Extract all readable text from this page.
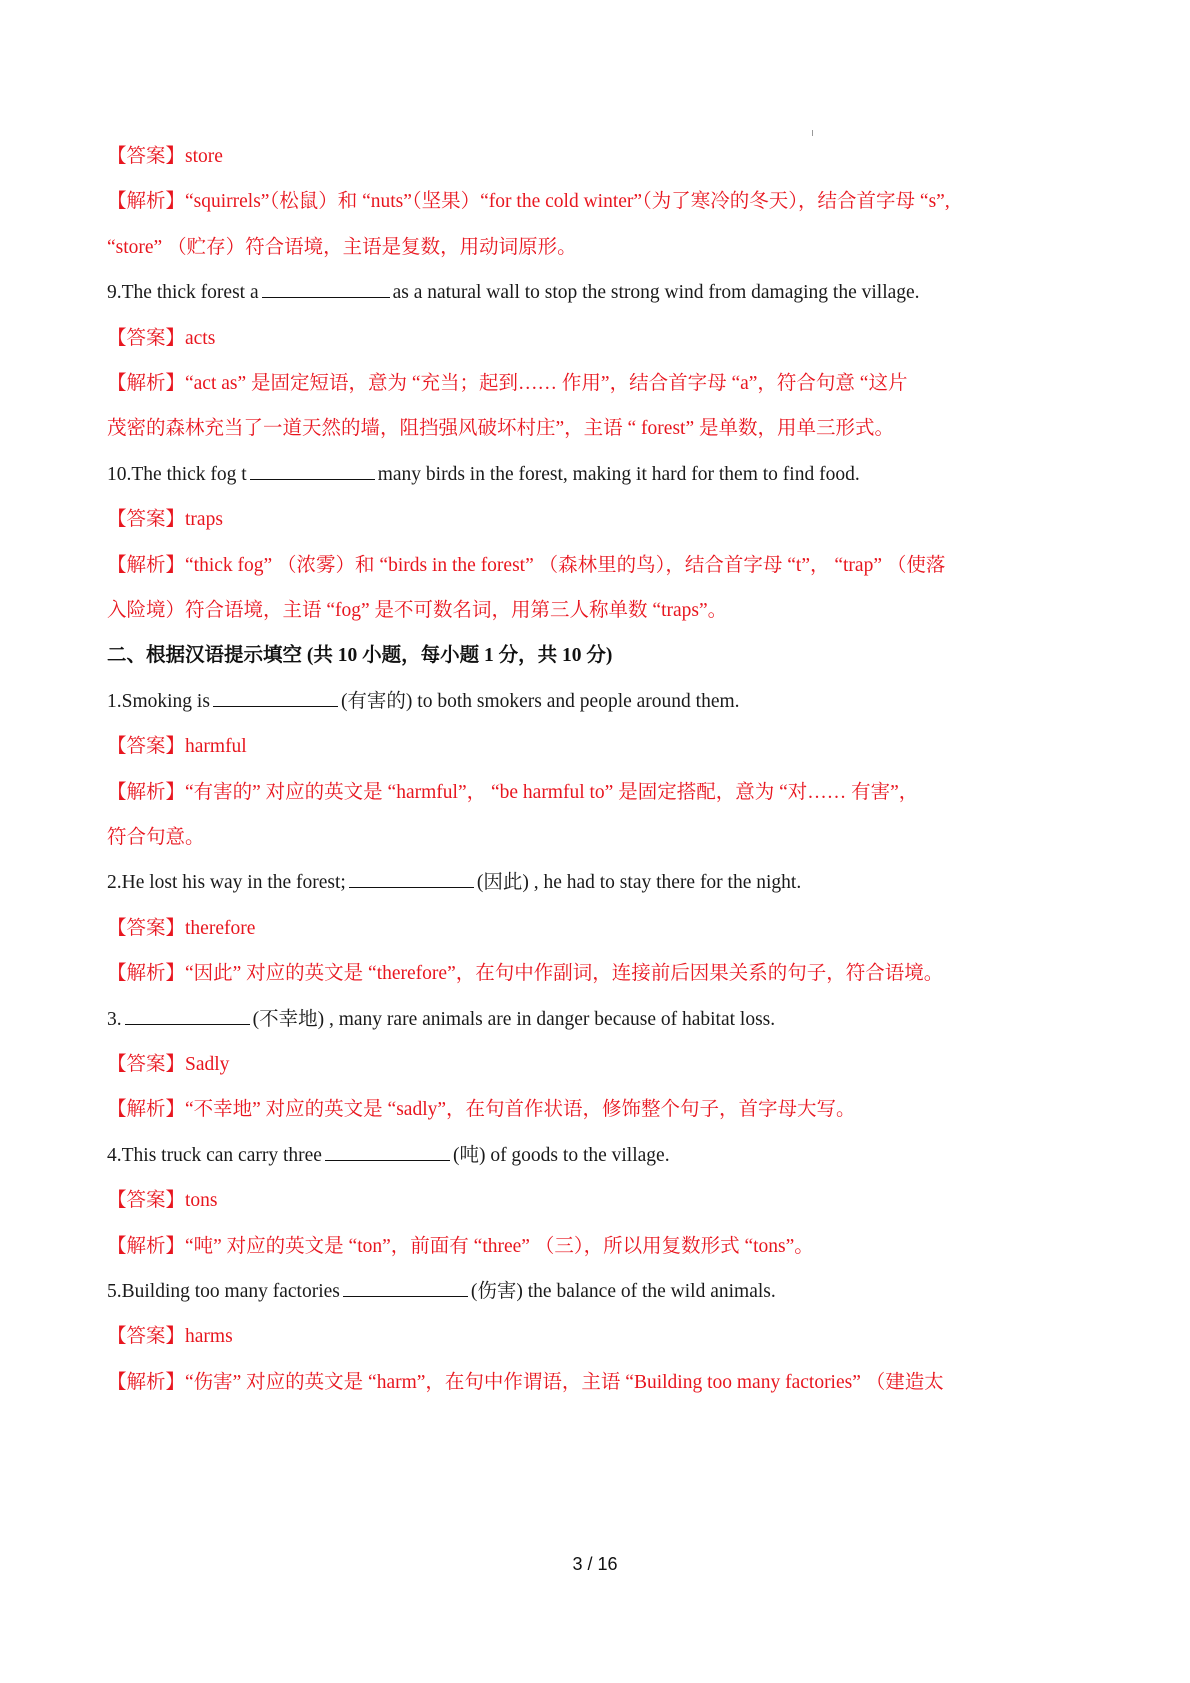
【答案】store

【解析】“squirrels”（松鼠）和 “nuts”（坚果）“for the cold winter”（为了寒冷的冬天），结合首字母 “s”,

“store” （贮存）符合语境，主语是复数，用动词原形。

9.The thick forest a	as a natural wall to stop the strong wind from damaging the village.

【答案】acts

【解析】“act as” 是固定短语，意为 “充当；起到…… 作用”，结合首字母 “a”，符合句意 “这片

茂密的森林充当了一道天然的墙，阻挡强风破坏村庄”，主语 “ forest” 是单数，用单三形式。

10.The thick fog t	many birds in the forest, making it hard for them to find food.

【答案】traps

【解析】“thick fog” （浓雾）和 “birds in the forest” （森林里的鸟），结合首字母 “t”， “trap” （使落

入险境）符合语境，主语 “fog” 是不可数名词，用第三人称单数 “traps”。

二、根据汉语提示填空 (共 10 小题，每小题 1 分，共 10 分)

1.Smoking is	(有害的) to both smokers and people around them.

【答案】harmful

【解析】“有害的” 对应的英文是 “harmful”， “be harmful to” 是固定搭配，意为 “对…… 有害”，

符合句意。

2.He lost his way in the forest;	(因此) , he had to stay there for the night.

【答案】therefore

【解析】“因此” 对应的英文是 “therefore”，在句中作副词，连接前后因果关系的句子，符合语境。

3.	(不幸地) , many rare animals are in danger because of habitat loss.

【答案】Sadly

【解析】“不幸地” 对应的英文是 “sadly”，在句首作状语，修饰整个句子，首字母大写。

4.This truck can carry three	(吨) of goods to the village.

【答案】tons

【解析】“吨” 对应的英文是 “ton”，前面有 “three” （三），所以用复数形式 “tons”。

5.Building too many factories	(伤害) the balance of the wild animals.

【答案】harms

【解析】“伤害” 对应的英文是 “harm”，在句中作谓语，主语 “Building too many factories” （建造太

3 / 16
